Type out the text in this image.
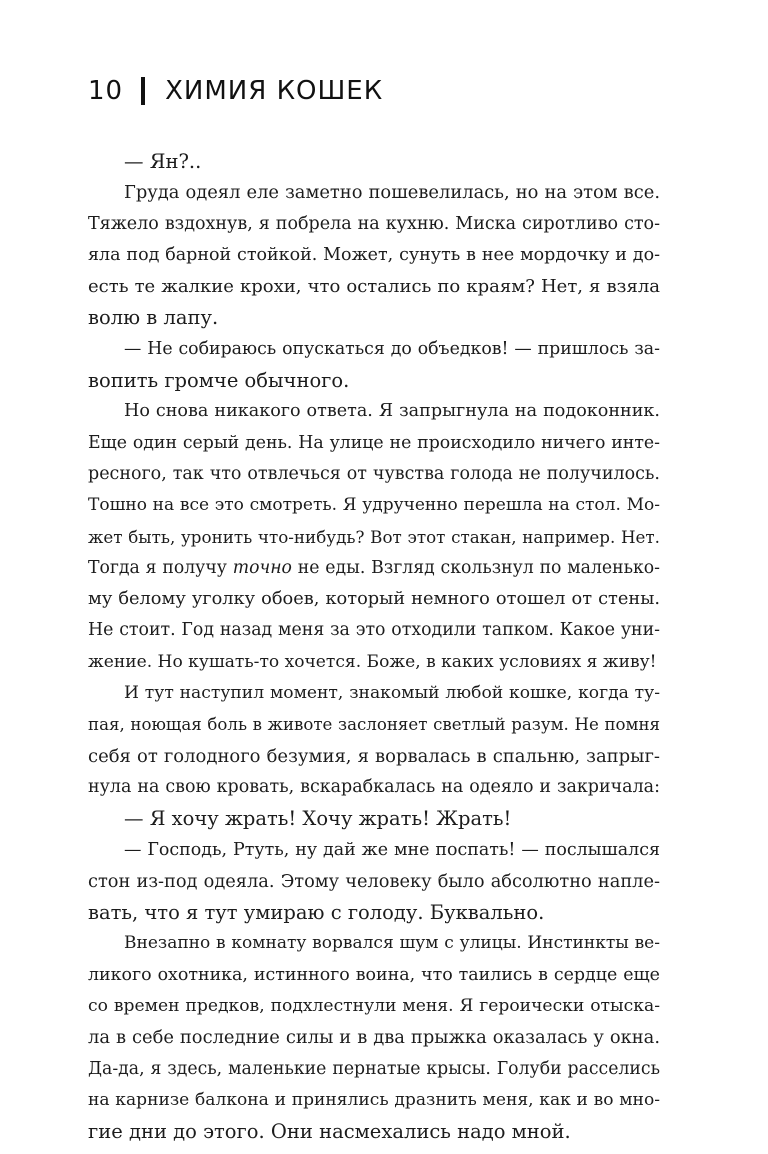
10 ХИМИЯ КОШЕК
— Ян?..
Груда одеял еле заметно пошевелилась, но на этом все.
Тяжело вздохнув, я побрела на кухню. Миска сиротливо сто-
яла под барной стойкой. Может, сунуть в нее мордочку и до-
есть те жалкие крохи, что остались по краям? Нет, я взяла
волю в лапу.
— Не собираюсь опускаться до объедков! — пришлось за-
вопить громче обычного.
Но снова никакого ответа. Я запрыгнула на подоконник.
Еще один серый день. На улице не происходило ничего инте-
ресного, так что отвлечься от чувства голода не получилось.
Тошно на все это смотреть. Я удрученно перешла на стол. Мо-
жет быть, уронить что-нибудь? Вот этот стакан, например. Нет.
Тогда я получу точно не еды. Взгляд скользнул по маленько-
му белому уголку обоев, который немного отошел от стены.
Не стоит. Год назад меня за это отходили тапком. Какое уни-
жение. Но кушать-то хочется. Боже, в каких условиях я живу!
И тут наступил момент, знакомый любой кошке, когда ту-
пая, ноющая боль в животе заслоняет светлый разум. Не помня
себя от голодного безумия, я ворвалась в спальню, запрыг-
нула на свою кровать, вскарабкалась на одеяло и закричала:
— Я хочу жрать! Хочу жрать! Жрать!
— Господь, Ртуть, ну дай же мне поспать! — послышался
стон из-под одеяла. Этому человеку было абсолютно напле-
вать, что я тут умираю с голоду. Буквально.
Внезапно в комнату ворвался шум с улицы. Инстинкты ве-
ликого охотника, истинного воина, что таились в сердце еще
со времен предков, подхлестнули меня. Я героически отыска-
ла в себе последние силы и в два прыжка оказалась у окна.
Да-да, я здесь, маленькие пернатые крысы. Голуби расселись
на карнизе балкона и принялись дразнить меня, как и во мно-
гие дни до этого. Они насмехались надо мной.
